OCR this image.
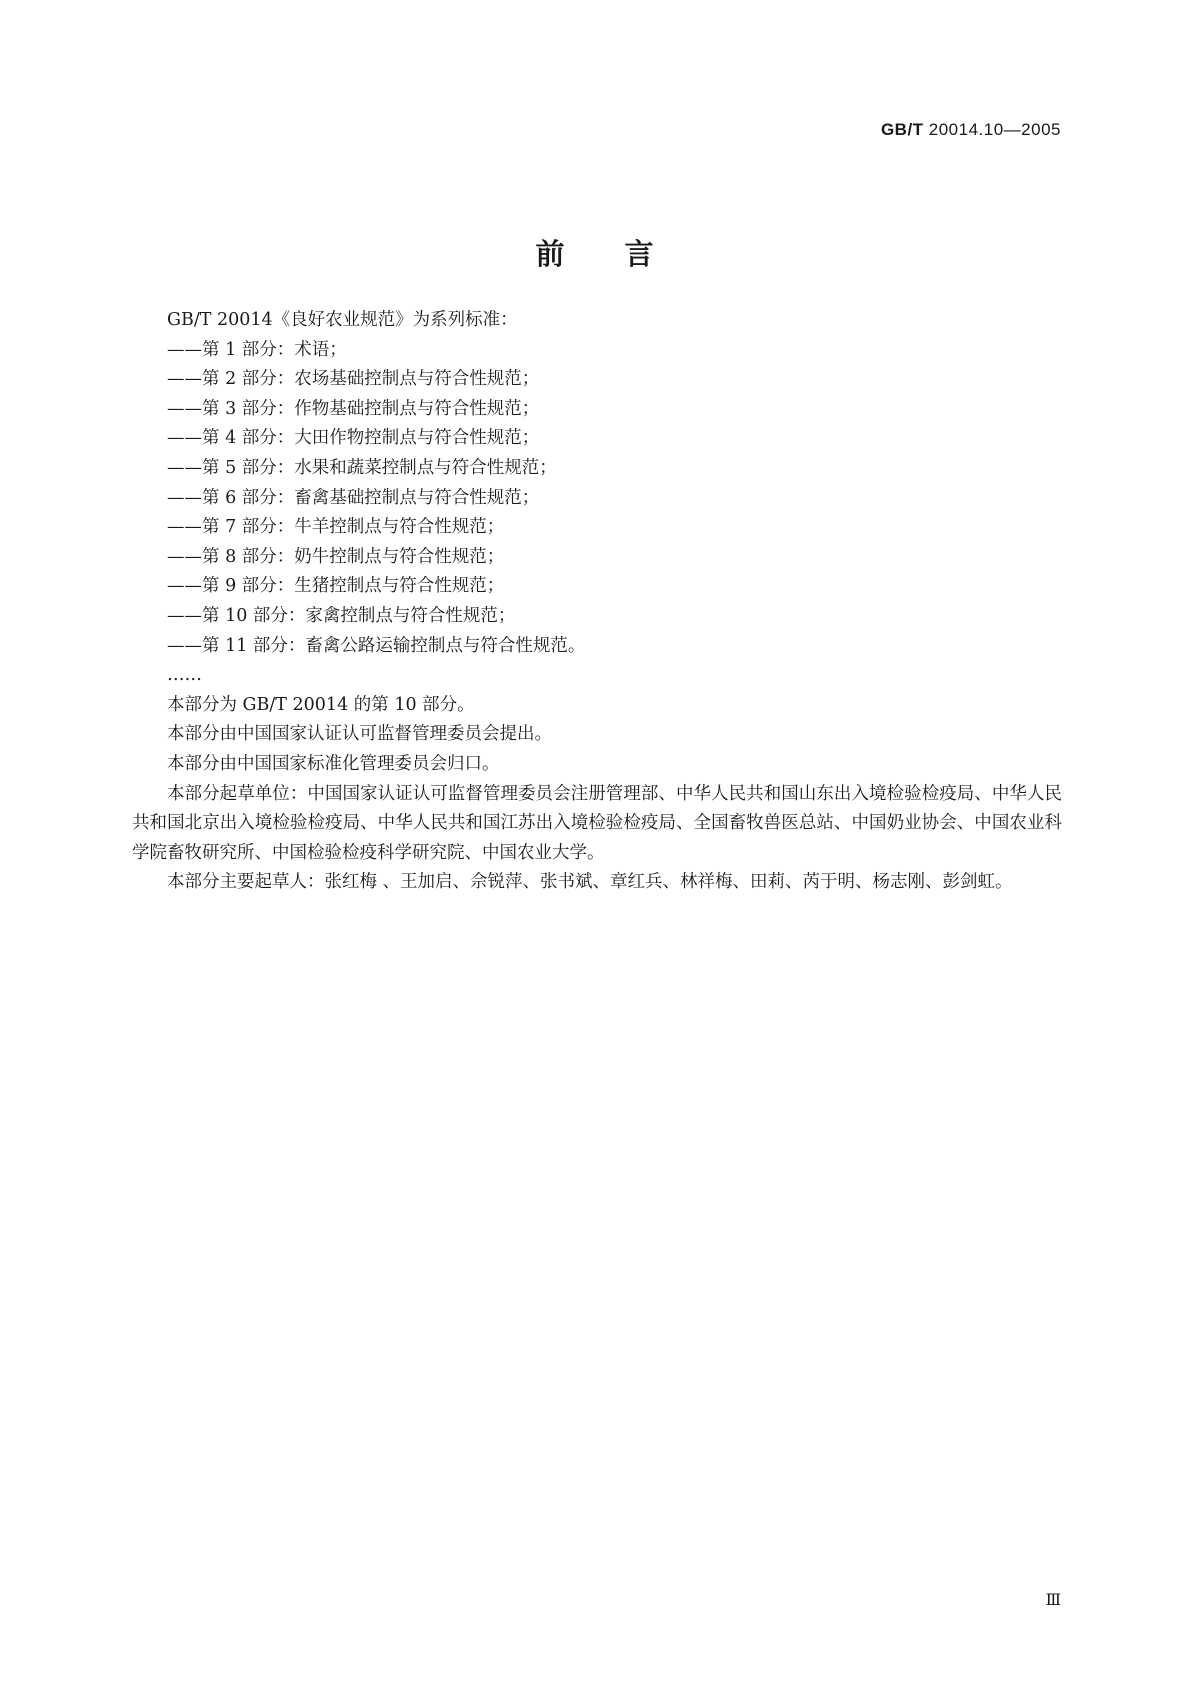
GB/T 20014.10—2005
前 言

GB/T 20014《良好农业规范》为系列标准：

——第 1 部分：术语；
——第 2 部分：农场基础控制点与符合性规范；
——第 3 部分：作物基础控制点与符合性规范；
——第 4 部分：大田作物控制点与符合性规范；
——第 5 部分：水果和蔬菜控制点与符合性规范；
——第 6 部分：畜禽基础控制点与符合性规范；
——第 7 部分：牛羊控制点与符合性规范；
——第 8 部分：奶牛控制点与符合性规范；
——第 9 部分：生猪控制点与符合性规范；
——第 10 部分：家禽控制点与符合性规范；
——第 11 部分：畜禽公路运输控制点与符合性规范。

……

本部分为 GB/T 20014 的第 10 部分。

本部分由中国国家认证认可监督管理委员会提出。

本部分由中国国家标准化管理委员会归口。

本部分起草单位：中国国家认证认可监督管理委员会注册管理部、中华人民共和国山东出入境检验检疫局、中华人民共和国北京出入境检验检疫局、中华人民共和国江苏出入境检验检疫局、全国畜牧兽医总站、中国奶业协会、中国农业科学院畜牧研究所、中国检验检疫科学研究院、中国农业大学。

本部分主要起草人：张红梅 、王加启、佘锐萍、张书斌、章红兵、林祥梅、田莉、芮于明、杨志刚、彭剑虹。

Ⅲ
